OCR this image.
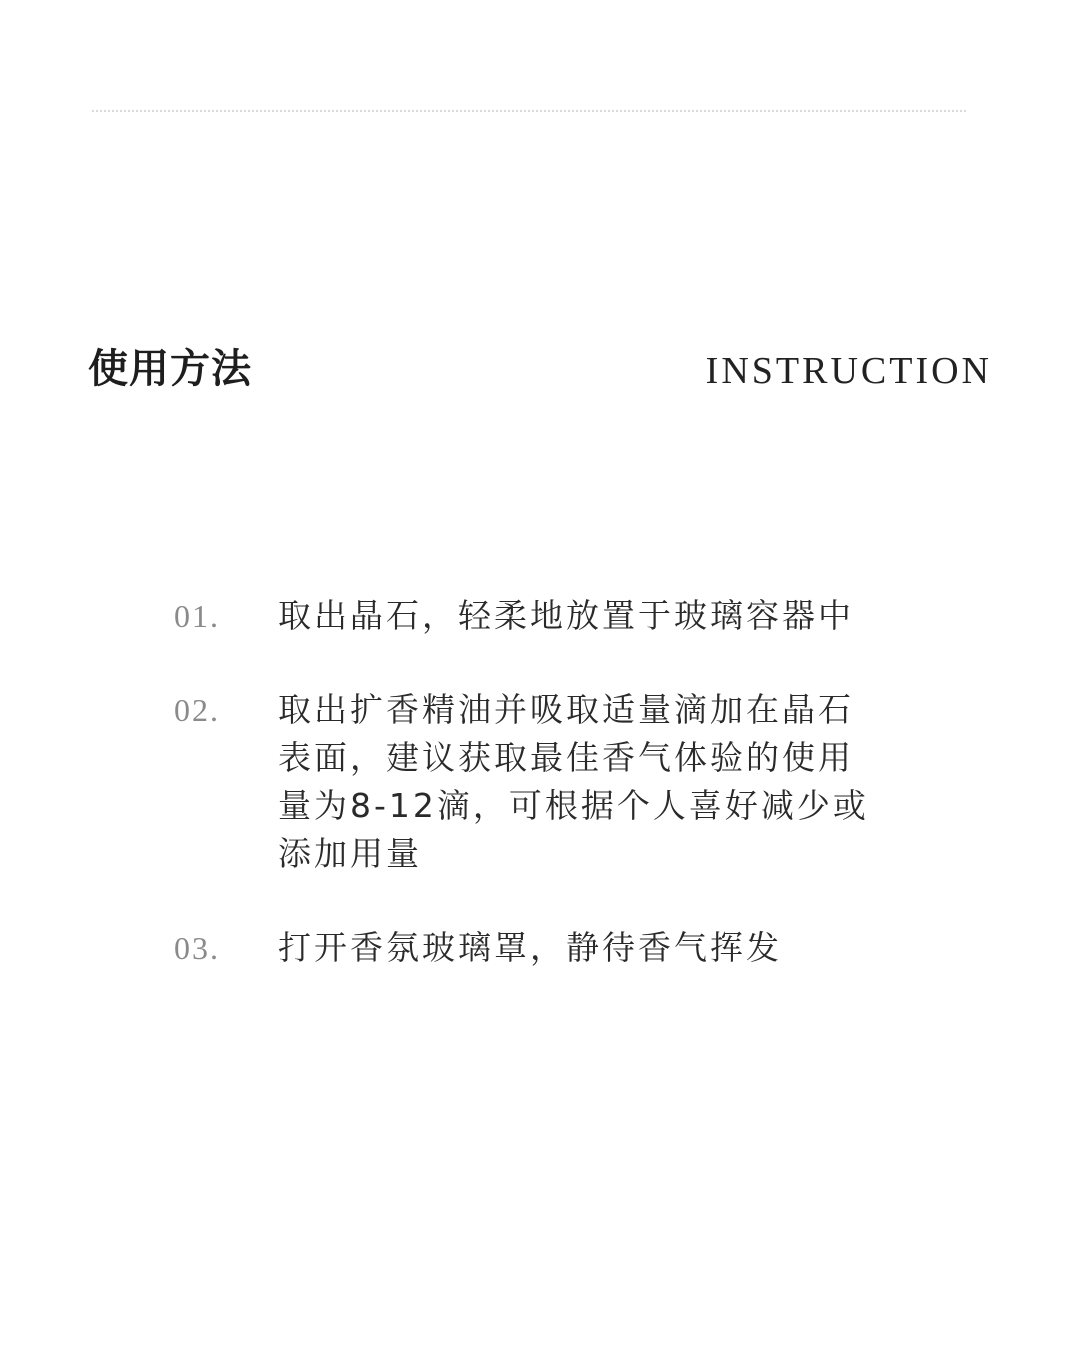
使用方法	INSTRUCTION
01.	取出晶石，轻柔地放置于玻璃容器中
02.	取出扩香精油并吸取适量滴加在晶石表面，建议获取最佳香气体验的使用量为8-12滴，可根据个人喜好减少或添加用量
03.	打开香氛玻璃罩，静待香气挥发
